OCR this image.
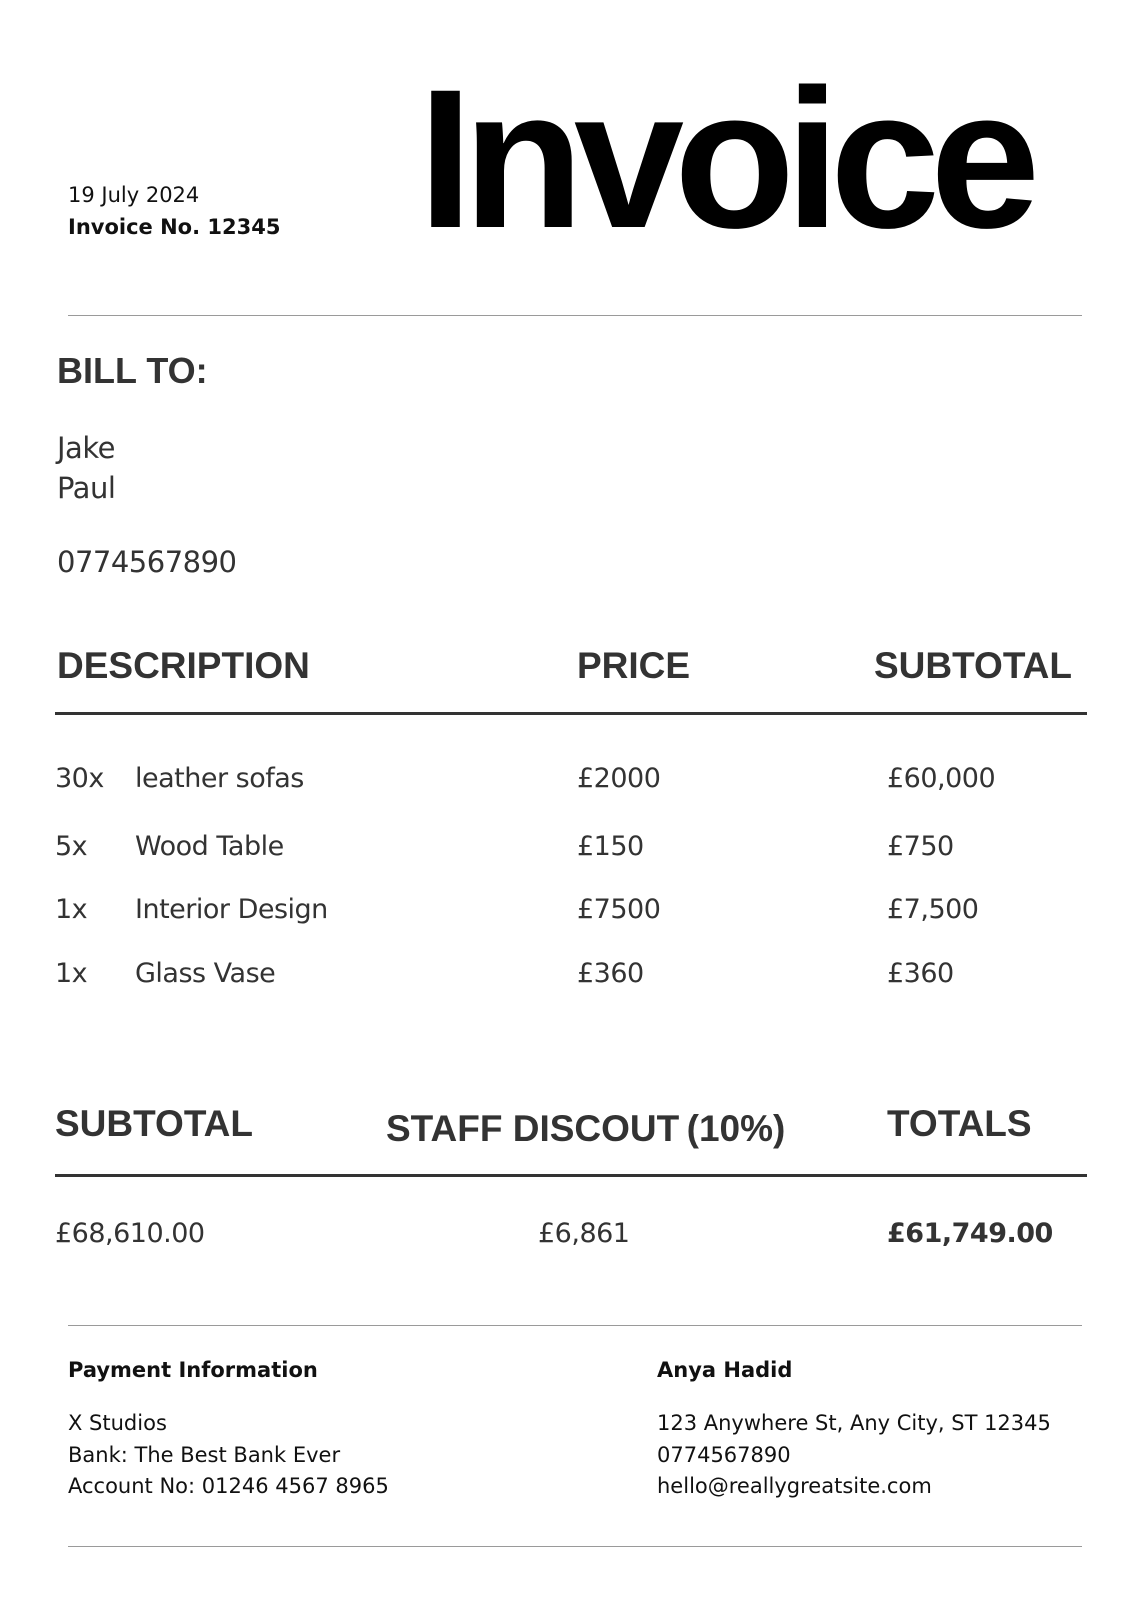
19 July 2024
Invoice No. 12345 Invoice
BILL TO:
Jake
Paul
0774567890
DESCRIPTION	PRICE	SUBTOTAL
30x leather sofas	£2000	£60,000
5x Wood Table	£150	£750
1x Interior Design	£7500	£7,500
1x Glass Vase	£360	£360
SUBTOTAL	STAFF DISCOUT (10%)	TOTALS
£68,610.00	£6,861	£61,749.00
Payment Information
X Studios
Bank: The Best Bank Ever
Account No: 01246 4567 8965
Anya Hadid
123 Anywhere St, Any City, ST 12345
0774567890
hello@reallygreatsite.com
